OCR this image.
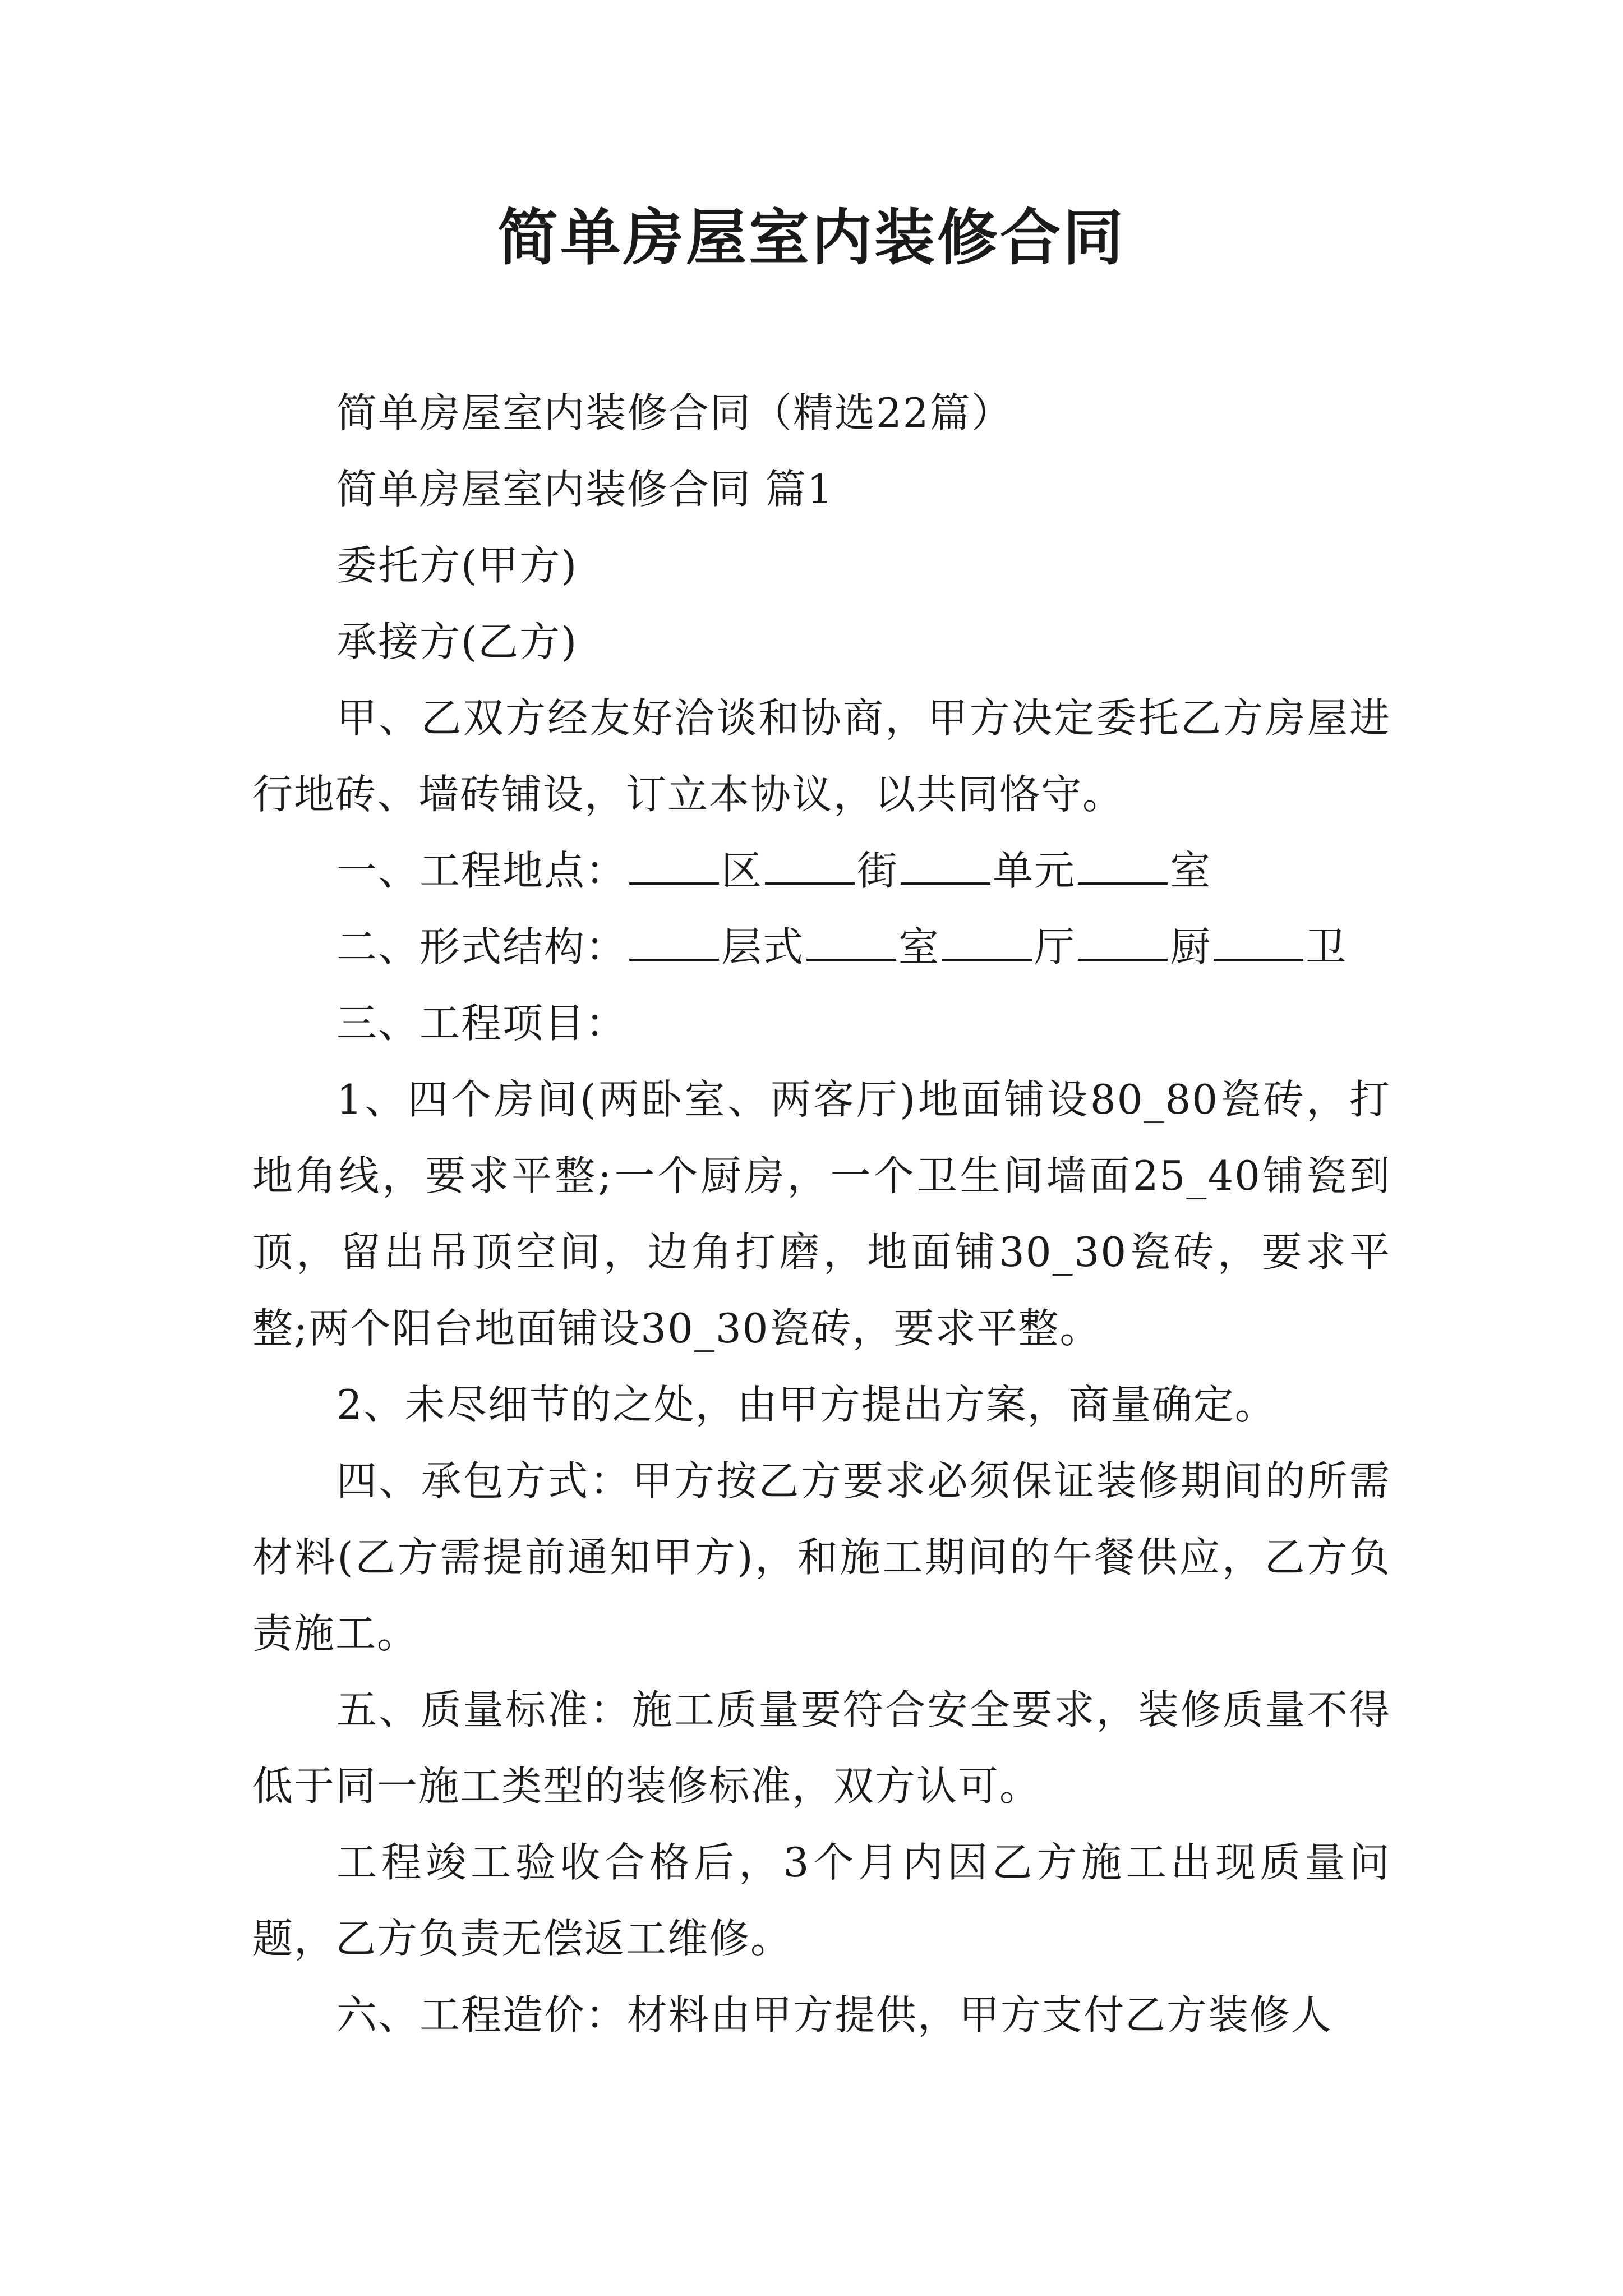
简单房屋室内装修合同

简单房屋室内装修合同（精选22篇）

简单房屋室内装修合同 篇1

委托方(甲方)

承接方(乙方)

甲、乙双方经友好洽谈和协商，甲方决定委托乙方房屋进行地砖、墙砖铺设，订立本协议，以共同恪守。

一、工程地点： 区 街 单元 室

二、形式结构： 层式 室 厅 厨 卫

三、工程项目：

1、四个房间(两卧室、两客厅)地面铺设80_80瓷砖，打地角线，要求平整;一个厨房，一个卫生间墙面25_40铺瓷到顶，留出吊顶空间，边角打磨，地面铺30_30瓷砖，要求平整;两个阳台地面铺设30_30瓷砖，要求平整。

2、未尽细节的之处，由甲方提出方案，商量确定。

四、承包方式：甲方按乙方要求必须保证装修期间的所需材料(乙方需提前通知甲方)，和施工期间的午餐供应，乙方负责施工。

五、质量标准：施工质量要符合安全要求，装修质量不得低于同一施工类型的装修标准，双方认可。

工程竣工验收合格后，3个月内因乙方施工出现质量问题，乙方负责无偿返工维修。

六、工程造价：材料由甲方提供，甲方支付乙方装修人
